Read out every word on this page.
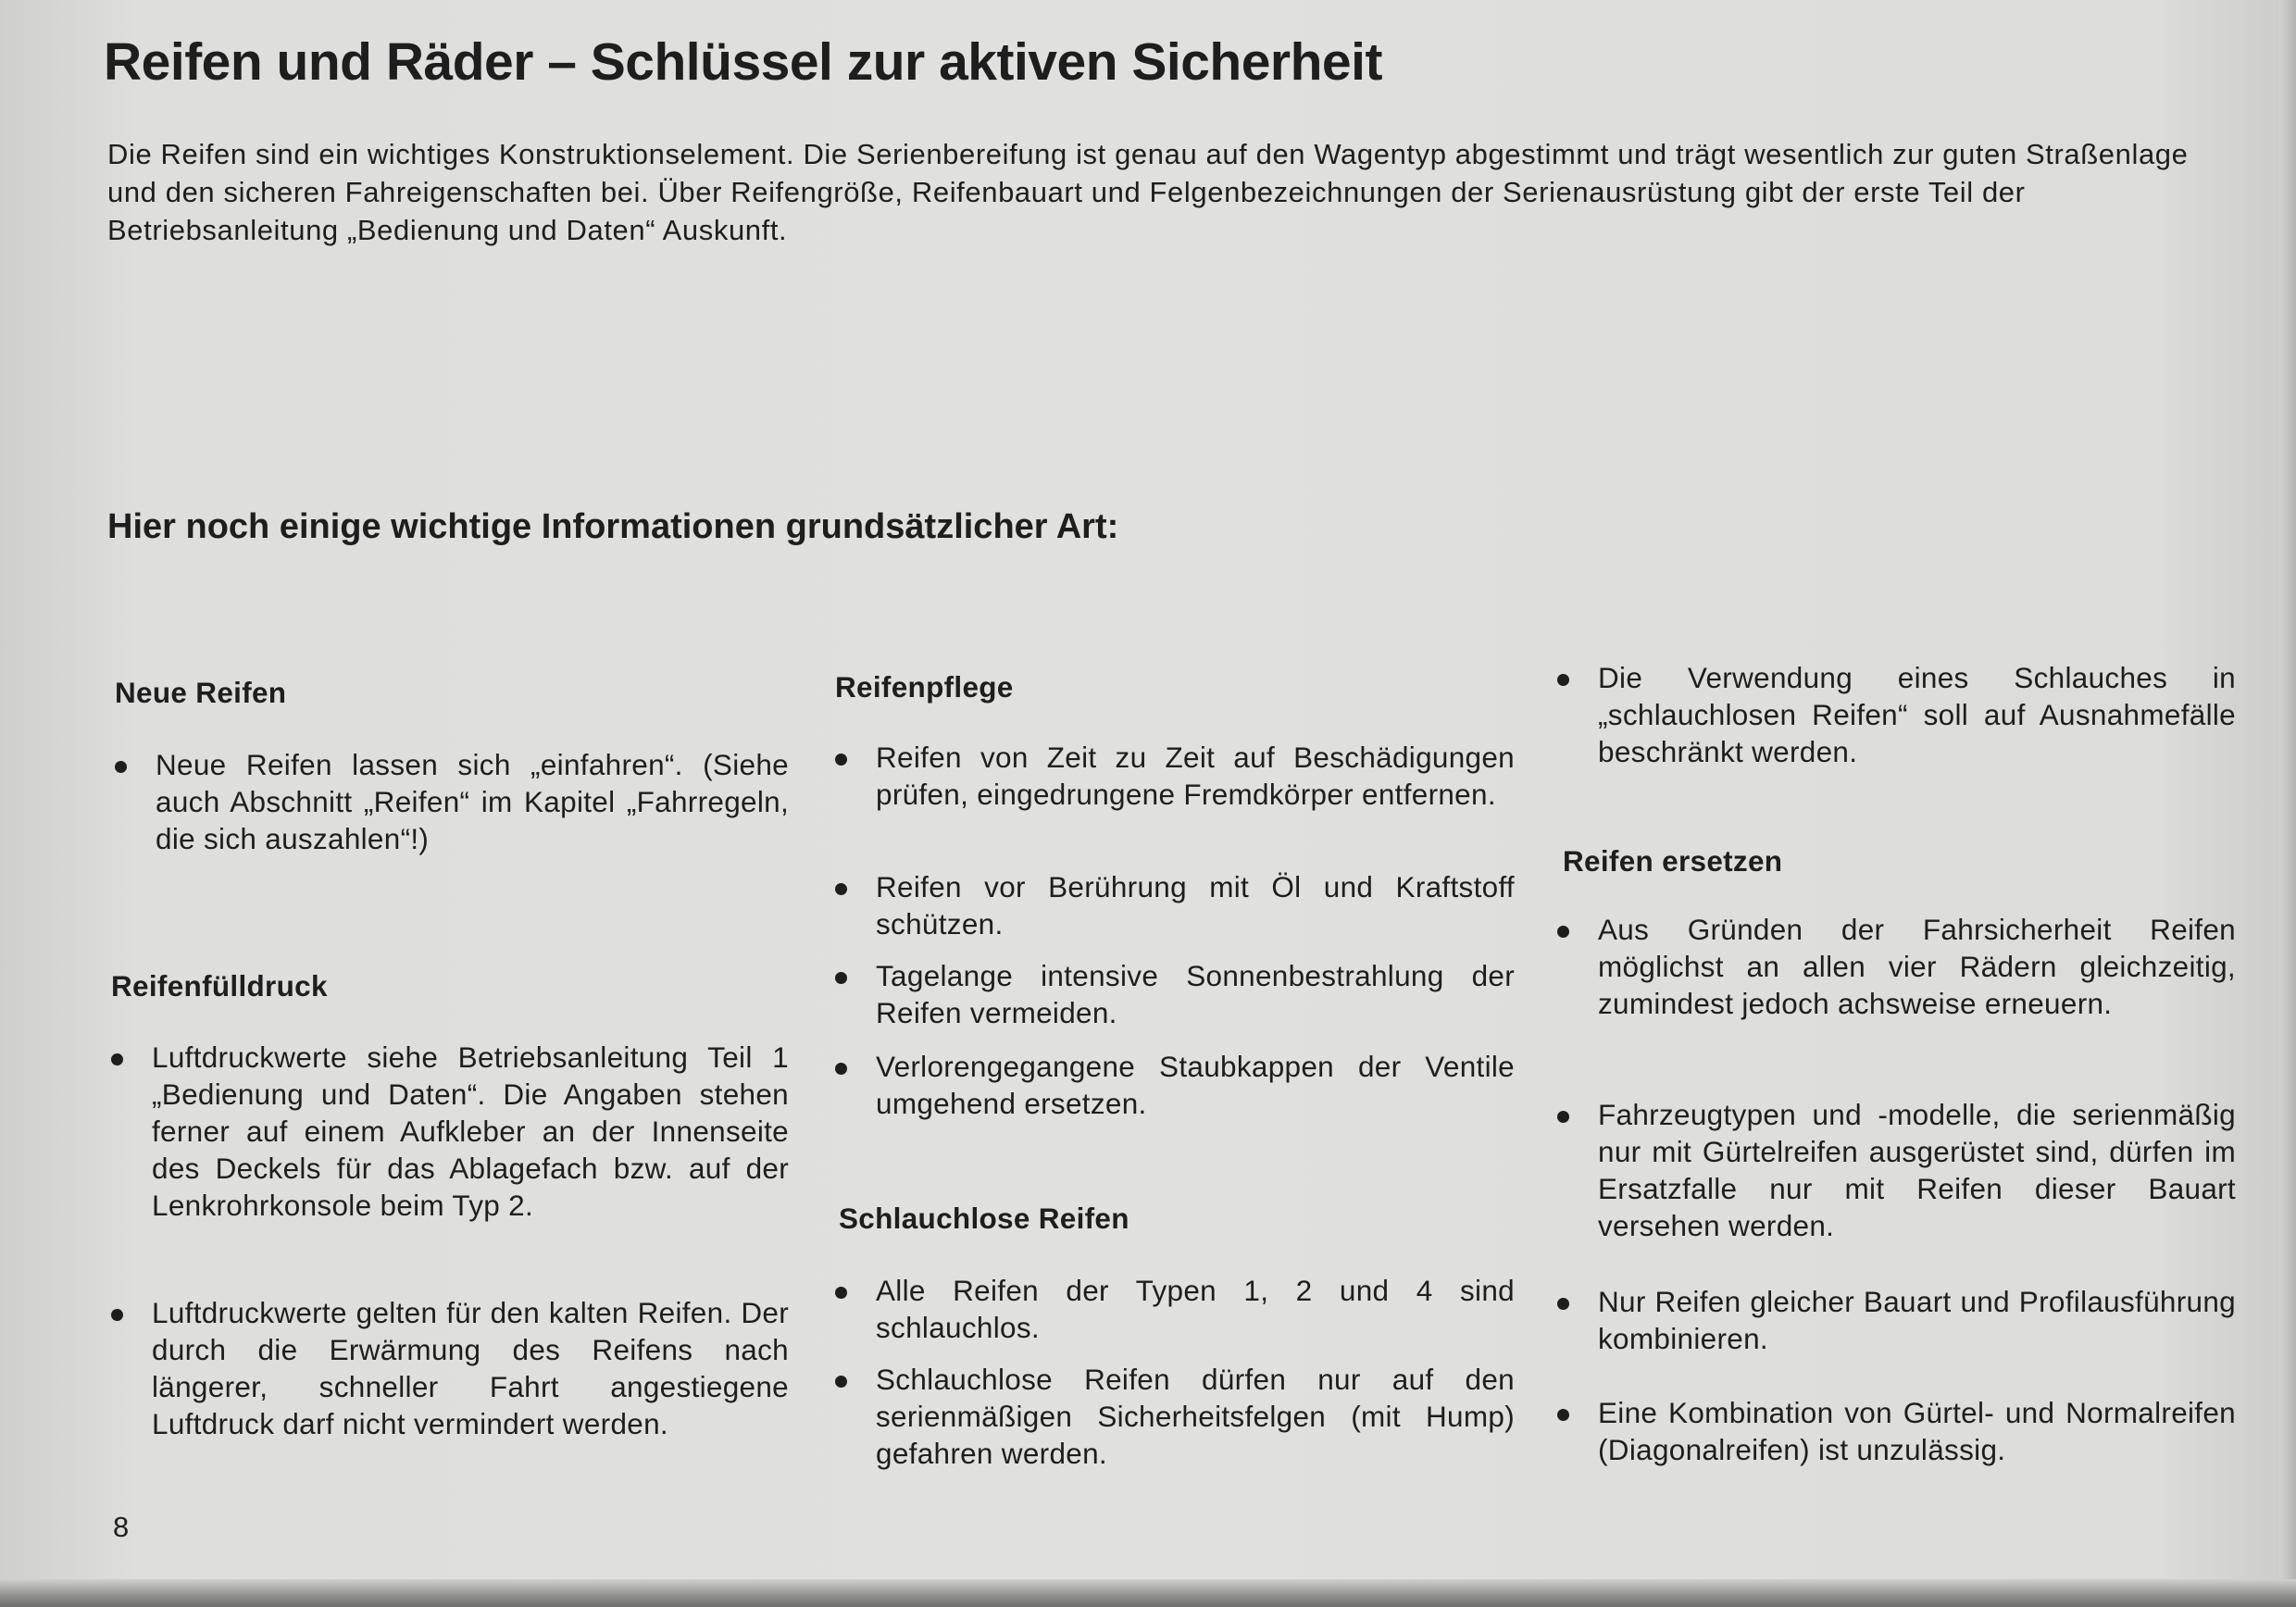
Reifen und Räder – Schlüssel zur aktiven Sicherheit

Die Reifen sind ein wichtiges Konstruktionselement. Die Serienbereifung ist genau auf den Wagentyp abgestimmt und trägt wesentlich zur guten Straßenlage und den sicheren Fahreigenschaften bei. Über Reifengröße, Reifenbauart und Felgenbezeichnungen der Serienausrüstung gibt der erste Teil der Betriebsanleitung „Bedienung und Daten“ Auskunft.

Hier noch einige wichtige Informationen grundsätzlicher Art:
Neue Reifen
Neue Reifen lassen sich „einfahren“. (Siehe auch Abschnitt „Reifen“ im Kapitel „Fahrregeln, die sich auszahlen“!)
Reifenfülldruck
Luftdruckwerte siehe Betriebsanleitung Teil 1 „Bedienung und Daten“. Die Angaben stehen ferner auf einem Aufkleber an der Innenseite des Deckels für das Ablagefach bzw. auf der Lenkrohrkonsole beim Typ 2.
Luftdruckwerte gelten für den kalten Reifen. Der durch die Erwärmung des Reifens nach längerer, schneller Fahrt angestiegene Luftdruck darf nicht vermindert werden.
Reifenpflege
Reifen von Zeit zu Zeit auf Beschädigungen prüfen, eingedrungene Fremdkörper entfernen.
Reifen vor Berührung mit Öl und Kraftstoff schützen.
Tagelange intensive Sonnenbestrahlung der Reifen vermeiden.
Verlorengegangene Staubkappen der Ventile umgehend ersetzen.
Schlauchlose Reifen
Alle Reifen der Typen 1, 2 und 4 sind schlauchlos.
Schlauchlose Reifen dürfen nur auf den serienmäßigen Sicherheitsfelgen (mit Hump) gefahren werden.
Die Verwendung eines Schlauches in „schlauchlosen Reifen“ soll auf Ausnahmefälle beschränkt werden.
Reifen ersetzen
Aus Gründen der Fahrsicherheit Reifen möglichst an allen vier Rädern gleichzeitig, zumindest jedoch achsweise erneuern.
Fahrzeugtypen und -modelle, die serienmäßig nur mit Gürtelreifen ausgerüstet sind, dürfen im Ersatzfalle nur mit Reifen dieser Bauart versehen werden.
Nur Reifen gleicher Bauart und Profilausführung kombinieren.
Eine Kombination von Gürtel- und Normalreifen (Diagonalreifen) ist unzulässig.
8
